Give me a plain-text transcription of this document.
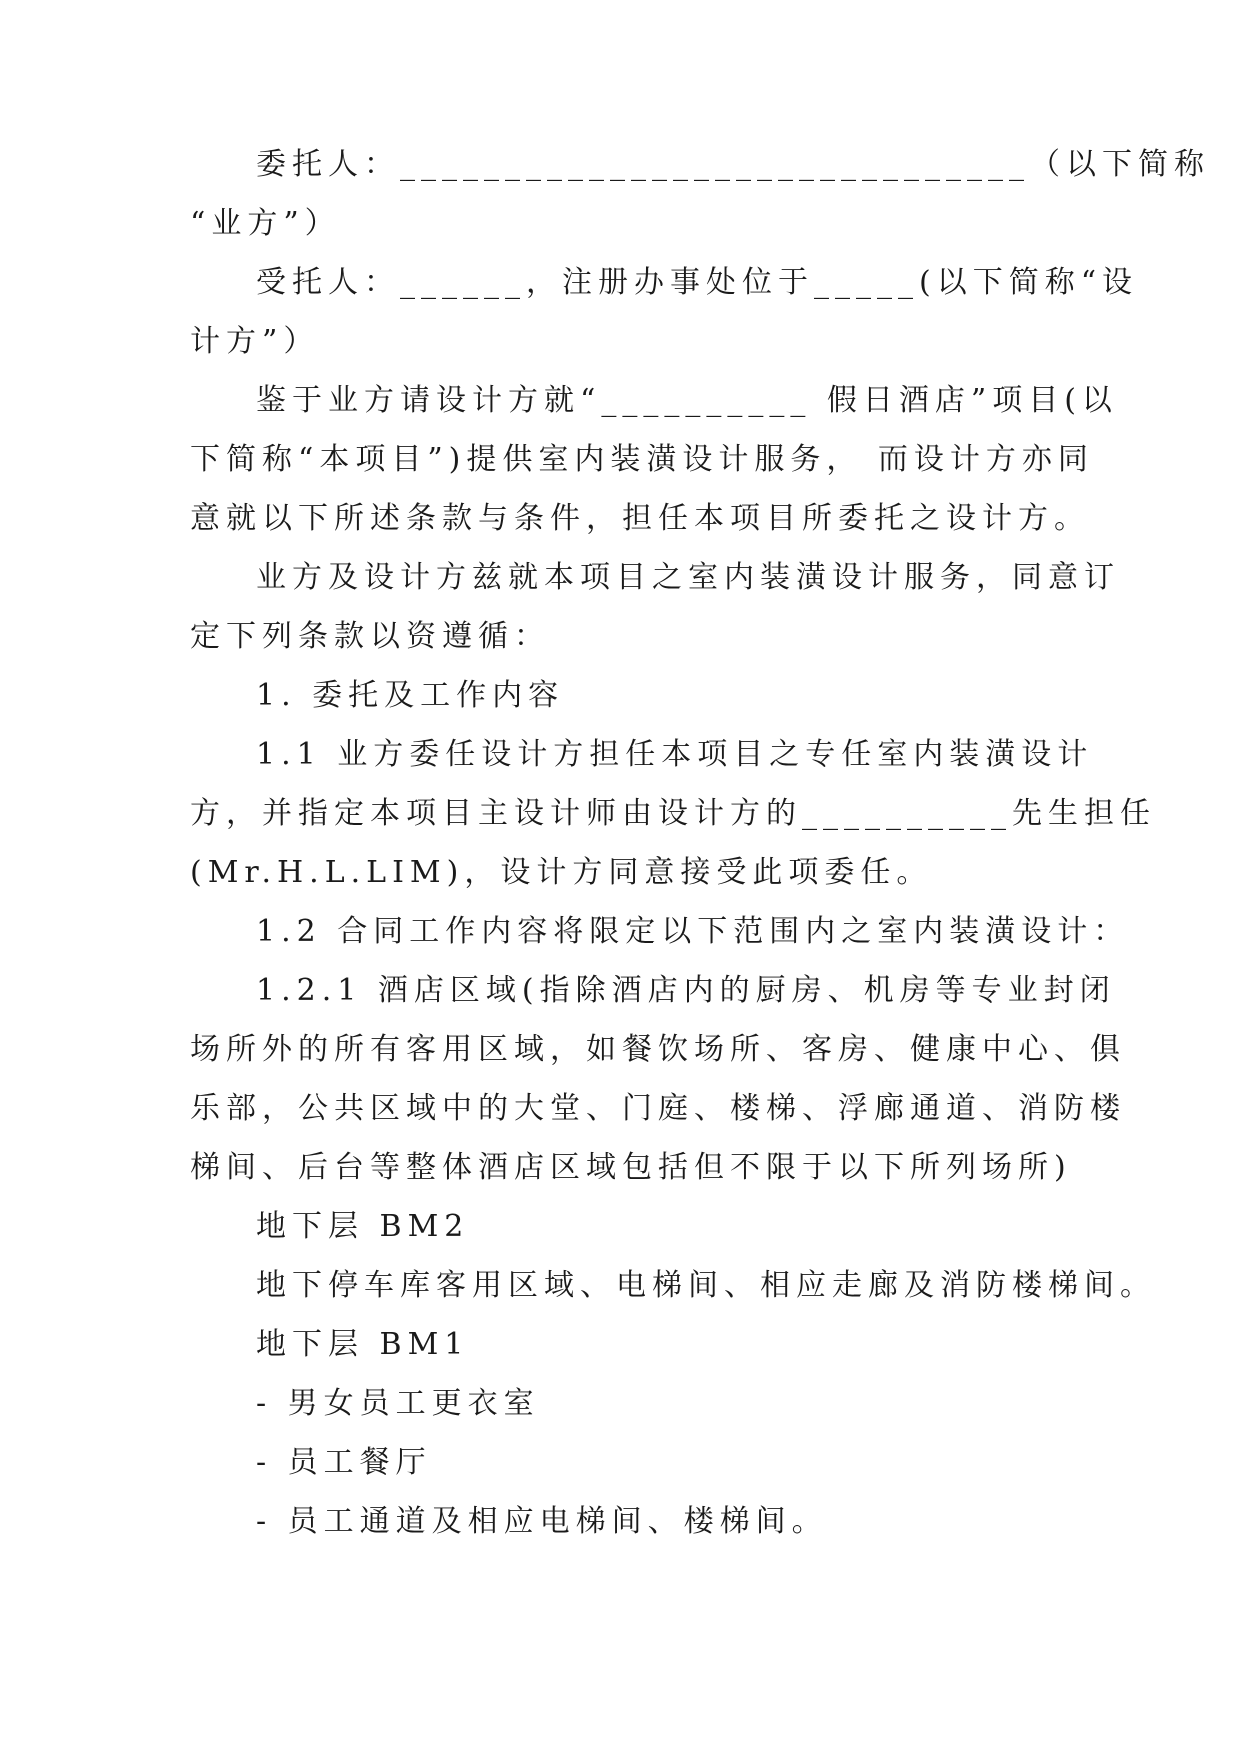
委托人：______________________________（以下简称
“业方”）
受托人：______，注册办事处位于_____(以下简称“设
计方”）
鉴于业方请设计方就“__________ 假日酒店”项目(以
下简称“本项目”)提供室内装潢设计服务， 而设计方亦同
意就以下所述条款与条件，担任本项目所委托之设计方。
业方及设计方兹就本项目之室内装潢设计服务，同意订
定下列条款以资遵循：
1. 委托及工作内容
1.1 业方委任设计方担任本项目之专任室内装潢设计
方，并指定本项目主设计师由设计方的__________先生担任
(Mr.H.L.LIM)，设计方同意接受此项委任。
1.2 合同工作内容将限定以下范围内之室内装潢设计：
1.2.1 酒店区域(指除酒店内的厨房、机房等专业封闭
场所外的所有客用区域，如餐饮场所、客房、健康中心、俱
乐部，公共区域中的大堂、门庭、楼梯、浮廊通道、消防楼
梯间、后台等整体酒店区域包括但不限于以下所列场所)
地下层 BM2
地下停车库客用区域、电梯间、相应走廊及消防楼梯间。
地下层 BM1
- 男女员工更衣室
- 员工餐厅
- 员工通道及相应电梯间、楼梯间。
